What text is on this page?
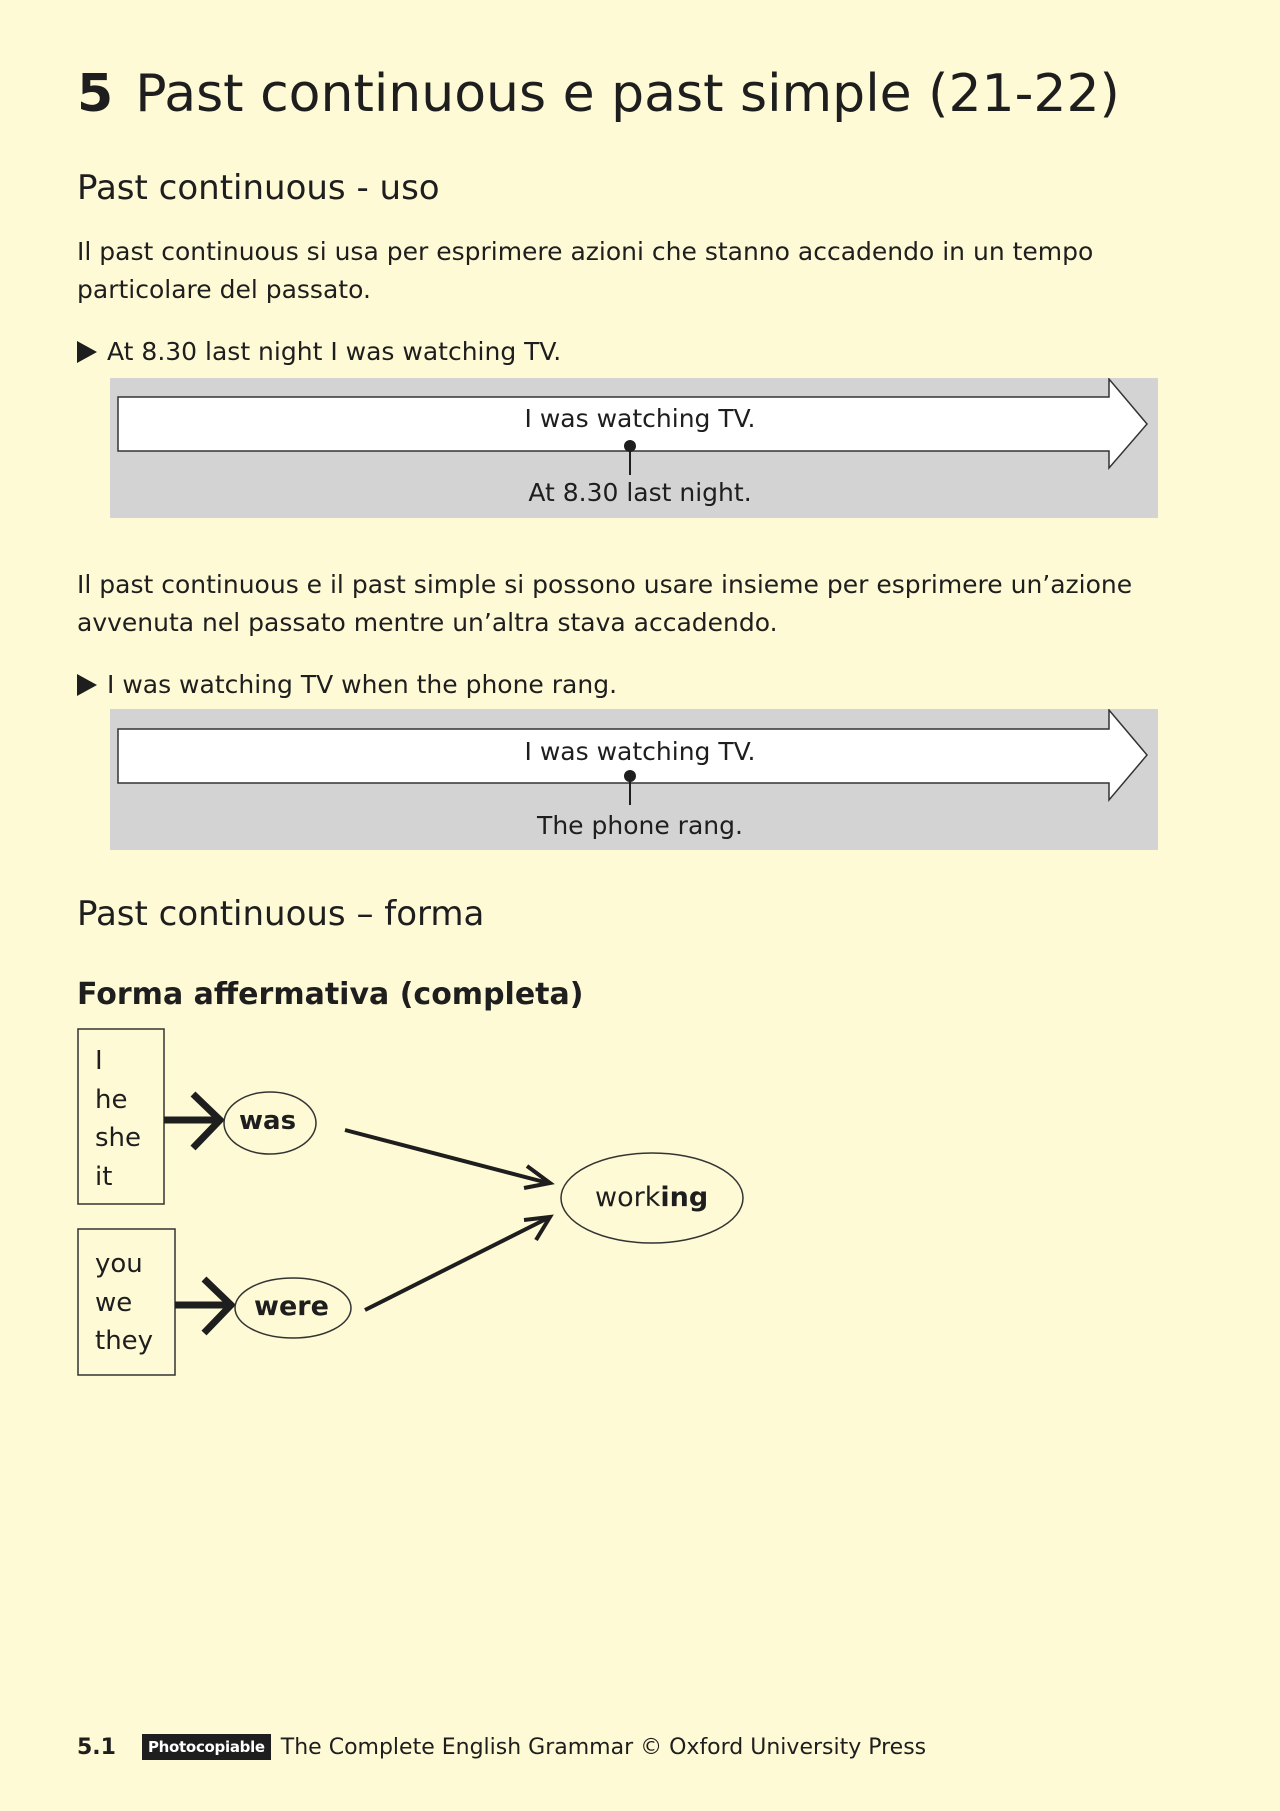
5 Past continuous e past simple (21-22)
Past continuous - uso
Il past continuous si usa per esprimere azioni che stanno accadendo in un tempo particolare del passato.
At 8.30 last night I was watching TV.
I was watching TV.
At 8.30 last night.
Il past continuous e il past simple si possono usare insieme per esprimere un’azione avvenuta nel passato mentre un’altra stava accadendo.
I was watching TV when the phone rang.
I was watching TV.
The phone rang.
Past continuous – forma
Forma affermativa (completa)
I
he
she
it
you
we
they
was
were
working
5.1 Photocopiable The Complete English Grammar © Oxford University Press
